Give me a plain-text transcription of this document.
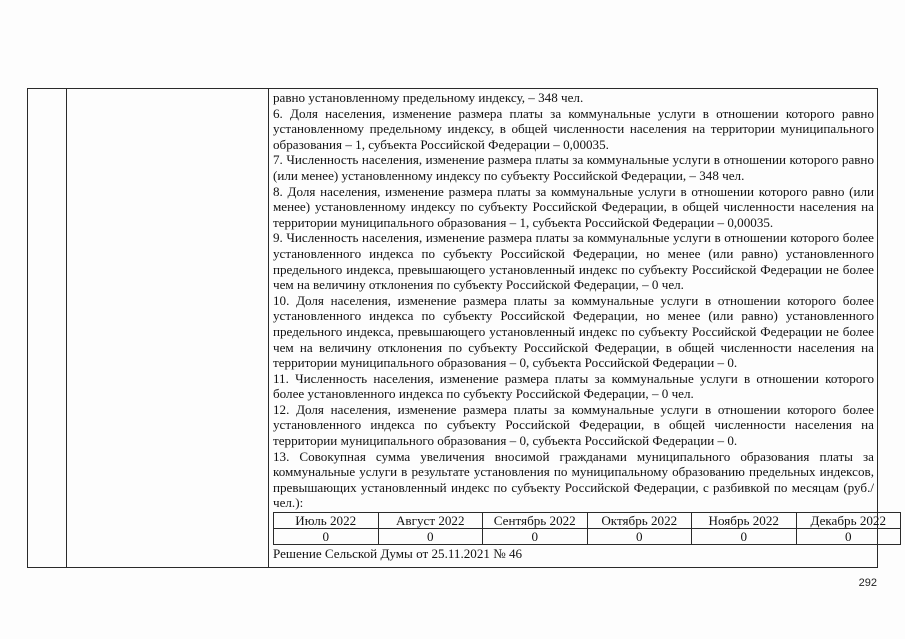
равно установленному предельному индексу, – 348 чел.

6. Доля населения, изменение размера платы за коммунальные услуги в отношении которого равно установленному предельному индексу, в общей численности населения на территории муниципального образования – 1, субъекта Российской Федерации – 0,00035.

7. Численность населения, изменение размера платы за коммунальные услуги в отношении которого равно (или менее) установленному индексу по субъекту Российской Федерации, – 348 чел.

8. Доля населения, изменение размера платы за коммунальные услуги в отношении которого равно (или менее) установленному индексу по субъекту Российской Федерации, в общей численности населения на территории муниципального образования – 1, субъекта Российской Федерации – 0,00035.

9. Численность населения, изменение размера платы за коммунальные услуги в отношении которого более установленного индекса по субъекту Российской Федерации, но менее (или равно) установленного предельного индекса, превышающего установленный индекс по субъекту Российской Федерации не более чем на величину отклонения по субъекту Российской Федерации, – 0 чел.

10. Доля населения, изменение размера платы за коммунальные услуги в отношении которого более установленного индекса по субъекту Российской Федерации, но менее (или равно) установленного предельного индекса, превышающего установленный индекс по субъекту Российской Федерации не более чем на величину отклонения по субъекту Российской Федерации, в общей численности населения на территории муниципального образования – 0, субъекта Российской Федерации – 0.

11. Численность населения, изменение размера платы за коммунальные услуги в отношении которого более установленного индекса по субъекту Российской Федерации, – 0 чел.

12. Доля населения, изменение размера платы за коммунальные услуги в отношении которого более установленного индекса по субъекту Российской Федерации, в общей численности населения на территории муниципального образования – 0, субъекта Российской Федерации – 0.

13. Совокупная сумма увеличения вносимой гражданами муниципального образования платы за коммунальные услуги в результате установления по муниципальному образованию предельных индексов, превышающих установленный индекс по субъекту Российской Федерации, с разбивкой по месяцам (руб./чел.):

Июль 2022	Август 2022	Сентябрь 2022	Октябрь 2022	Ноябрь 2022	Декабрь 2022
0	0	0	0	0	0

Решение Сельской Думы от 25.11.2021 № 46

292
